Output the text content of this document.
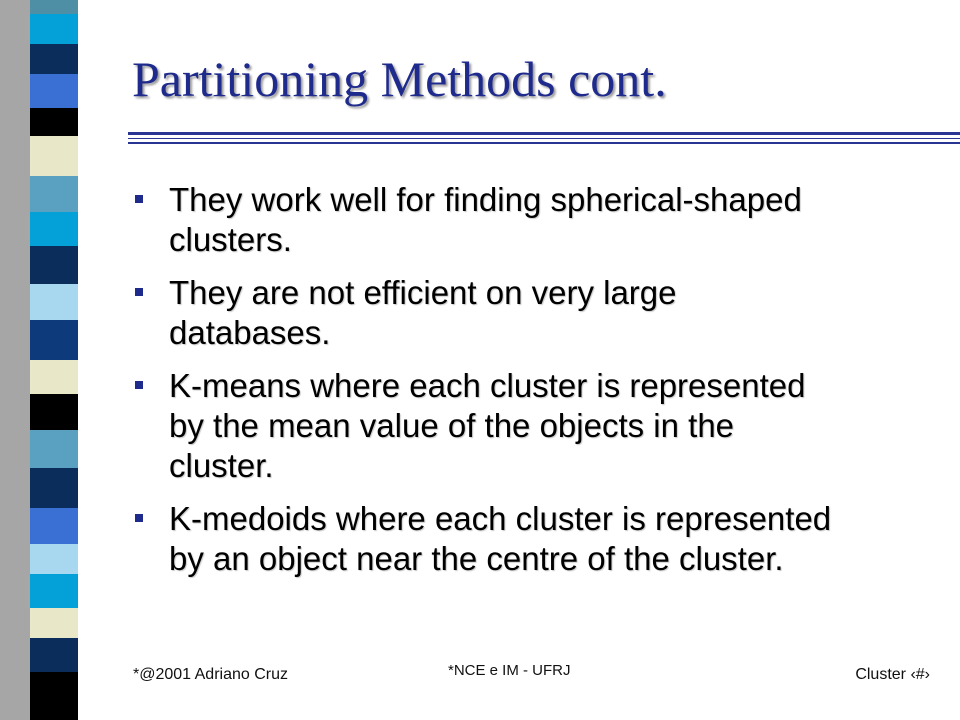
Partitioning Methods cont.
They work well for finding spherical-shaped
clusters.
They are not efficient on very large
databases.
K-means where each cluster is represented
by the mean value of the objects in the
cluster.
K-medoids where each cluster is represented
by an object near the centre of the cluster.
*@2001 Adriano Cruz	*NCE e IM - UFRJ	Cluster ‹#›
